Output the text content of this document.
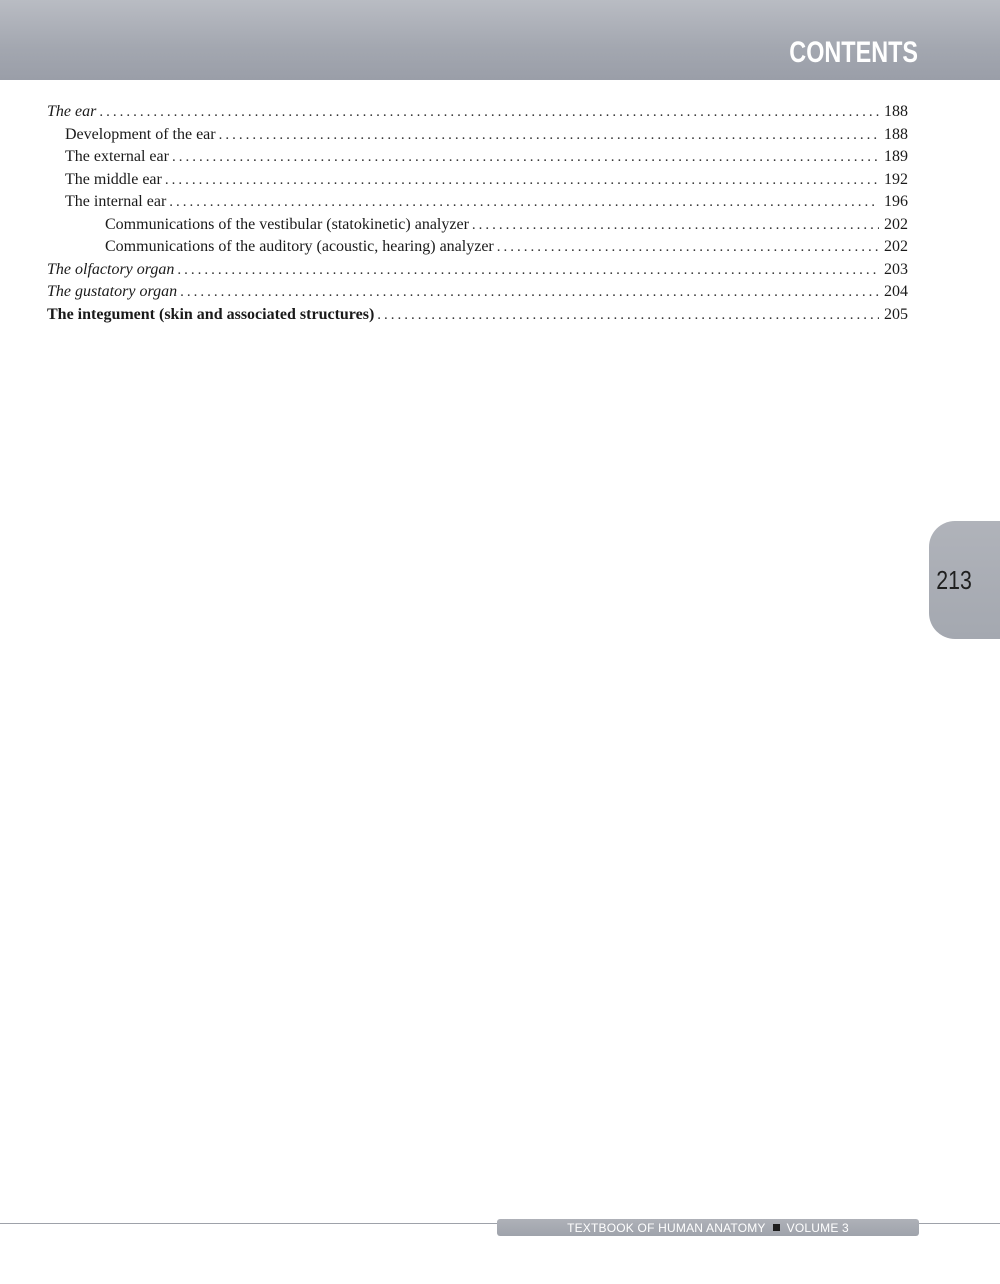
CONTENTS
The ear .....	188
Development of the ear .....	188
The external ear .....	189
The middle ear .....	192
The internal ear .....	196
Communications of the vestibular (statokinetic) analyzer .....	202
Communications of the auditory (acoustic, hearing) analyzer .....	202
The olfactory organ .....	203
The gustatory organ .....	204
The integument (skin and associated structures) .....	205
213
TEXTBOOK OF HUMAN ANATOMY VOLUME 3
